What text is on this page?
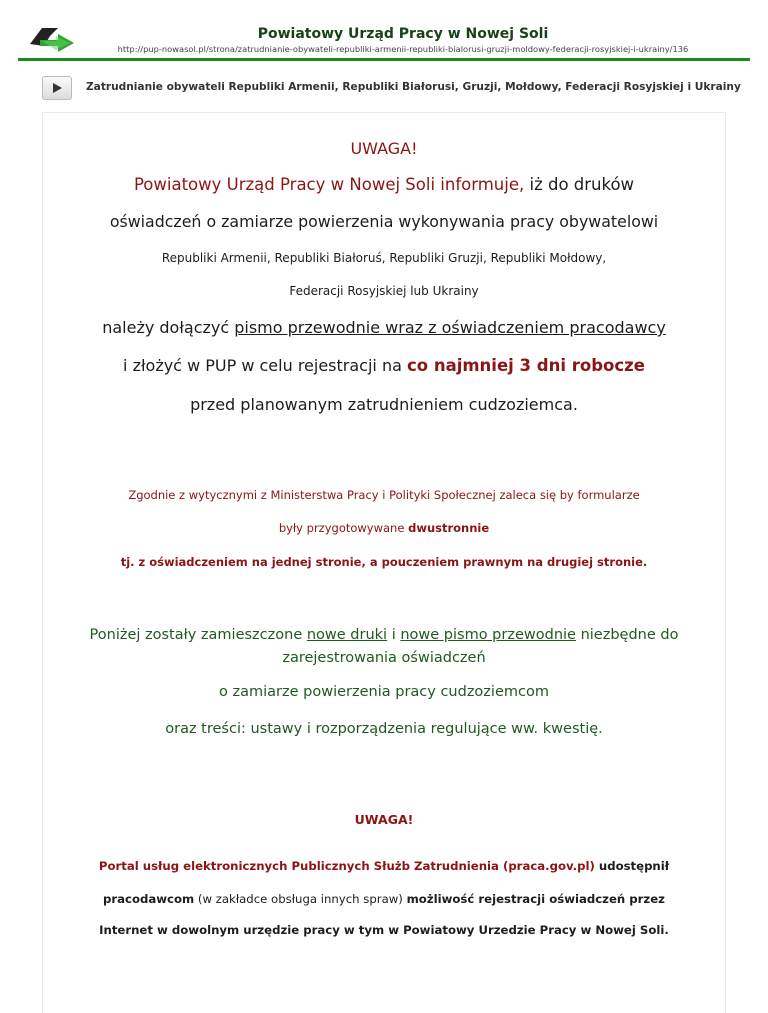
Powiatowy Urząd Pracy w Nowej Soli
http://pup-nowasol.pl/strona/zatrudnianie-obywateli-republiki-armenii-republiki-bialorusi-gruzji-moldowy-federacji-rosyjskiej-i-ukrainy/136
Zatrudnianie obywateli Republiki Armenii, Republiki Białorusi, Gruzji, Mołdowy, Federacji Rosyjskiej i Ukrainy
UWAGA!
Powiatowy Urząd Pracy w Nowej Soli informuje, iż do druków
oświadczeń o zamiarze powierzenia wykonywania pracy obywatelowi
Republiki Armenii, Republiki Białoruś, Republiki Gruzji, Republiki Mołdowy,
Federacji Rosyjskiej lub Ukrainy
należy dołączyć pismo przewodnie wraz z oświadczeniem pracodawcy
i złożyć w PUP w celu rejestracji na co najmniej 3 dni robocze
przed planowanym zatrudnieniem cudzoziemca.
Zgodnie z wytycznymi z Ministerstwa Pracy i Polityki Społecznej zaleca się by formularze
były przygotowywane dwustronnie
tj. z oświadczeniem na jednej stronie, a pouczeniem prawnym na drugiej stronie.
Poniżej zostały zamieszczone nowe druki i nowe pismo przewodnie niezbędne do
zarejestrowania oświadczeń
o zamiarze powierzenia pracy cudzoziemcom
oraz treści: ustawy i rozporządzenia regulujące ww. kwestię.
UWAGA!
Portal usług elektronicznych Publicznych Służb Zatrudnienia (praca.gov.pl) udostępnił
pracodawcom (w zakładce obsługa innych spraw) możliwość rejestracji oświadczeń przez
Internet w dowolnym urzędzie pracy w tym w Powiatowy Urzedzie Pracy w Nowej Soli.
